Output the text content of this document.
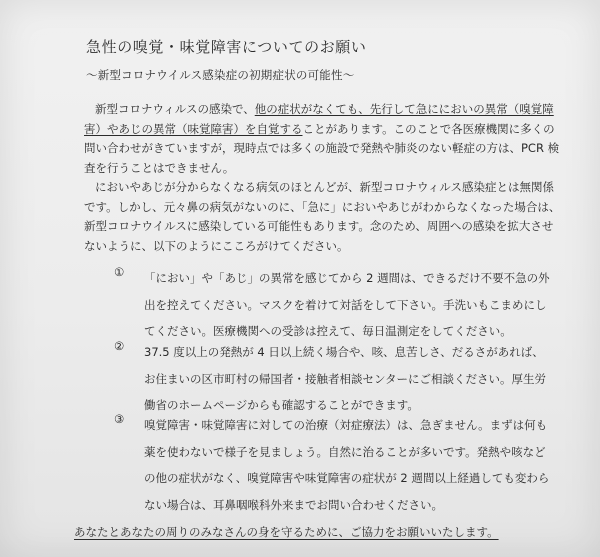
急性の嗅覚・味覚障害についてのお願い
〜新型コロナウイルス感染症の初期症状の可能性〜
新型コロナウィルスの感染で、他の症状がなくても、先行して急ににおいの異常（嗅覚障
害）やあじの異常（味覚障害）を自覚することがあります。このことで各医療機関に多くの
問い合わせがきていますが，現時点では多くの施設で発熱や肺炎のない軽症の方は、PCR 検
査を行うことはできません。
においやあじが分からなくなる病気のほとんどが、新型コロナウィルス感染症とは無関係
です。しかし、元々鼻の病気がないのに、「急に」においやあじがわからなくなった場合は、
新型コロナウイルスに感染している可能性もあります。念のため、周囲への感染を拡大させ
ないように、以下のようにこころがけてください。
①	「におい」や「あじ」の異常を感じてから 2 週間は、できるだけ不要不急の外
出を控えてください。マスクを着けて対話をして下さい。手洗いもこまめにし
てください。医療機関への受診は控えて、毎日温測定をしてください。
②	37.5 度以上の発熱が 4 日以上続く場合や、咳、息苦しさ、だるさがあれば、
お住まいの区市町村の帰国者・接触者相談センターにご相談ください。厚生労
働省のホームページからも確認することができます。
③	嗅覚障害・味覚障害に対しての治療（対症療法）は、急ぎません。まずは何も
薬を使わないで様子を見ましょう。自然に治ることが多いです。発熱や咳など
の他の症状がなく、嗅覚障害や味覚障害の症状が 2 週間以上経過しても変わら
ない場合は、耳鼻咽喉科外来までお問い合わせください。
あなたとあなたの周りのみなさんの身を守るために、ご協力をお願いいたします。
